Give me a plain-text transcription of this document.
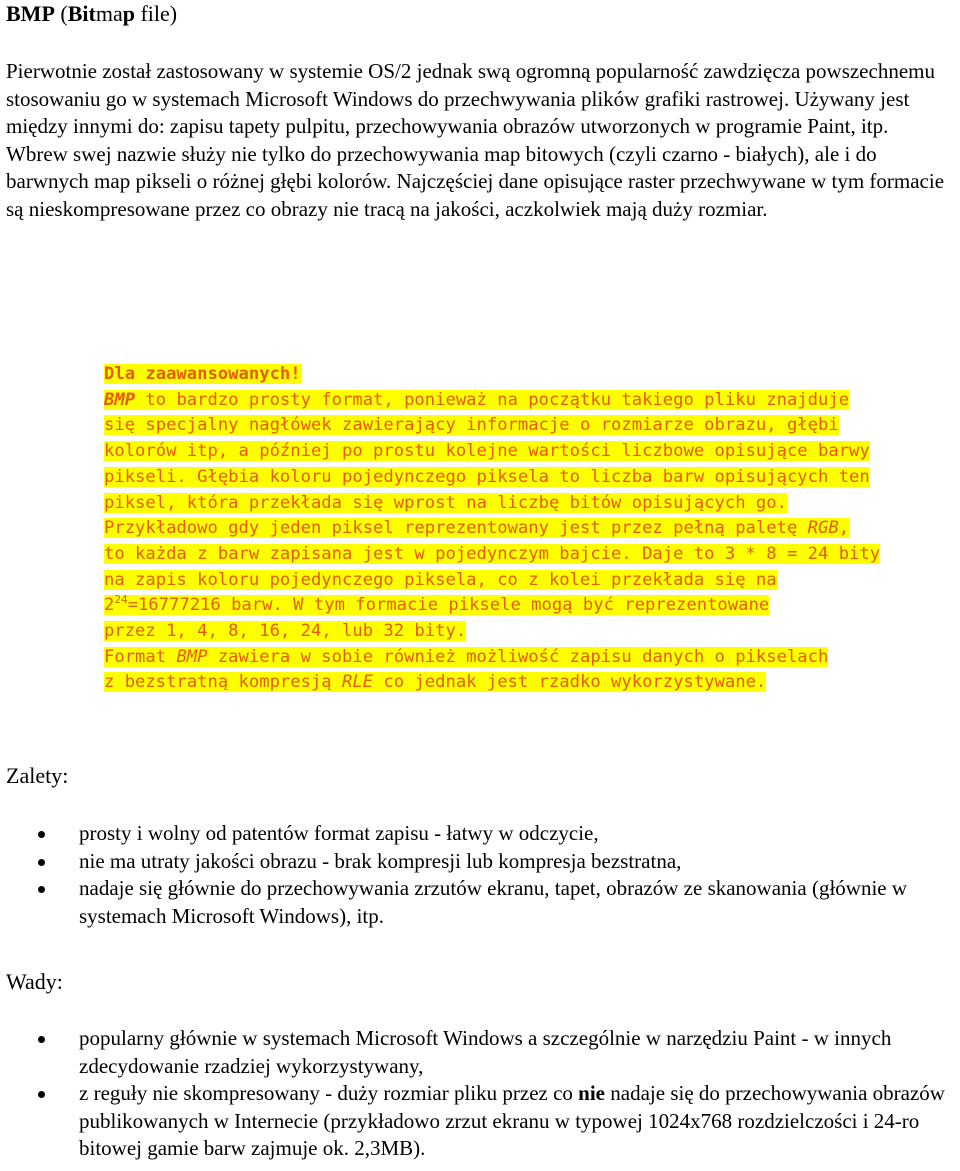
BMP (Bitmap file)

Pierwotnie został zastosowany w systemie OS/2 jednak swą ogromną popularność zawdzięcza powszechnemu stosowaniu go w systemach Microsoft Windows do przechwywania plików grafiki rastrowej. Używany jest między innymi do: zapisu tapety pulpitu, przechowywania obrazów utworzonych w programie Paint, itp. Wbrew swej nazwie służy nie tylko do przechowywania map bitowych (czyli czarno - białych), ale i do barwnych map pikseli o różnej głębi kolorów. Najczęściej dane opisujące raster przechwywane w tym formacie są nieskompresowane przez co obrazy nie tracą na jakości, aczkolwiek mają duży rozmiar.

Dla zaawansowanych!
BMP to bardzo prosty format, ponieważ na początku takiego pliku znajduje
się specjalny nagłówek zawierający informacje o rozmiarze obrazu, głębi
kolorów itp, a później po prostu kolejne wartości liczbowe opisujące barwy
pikseli. Głębia koloru pojedynczego piksela to liczba barw opisujących ten
piksel, która przekłada się wprost na liczbę bitów opisujących go.
Przykładowo gdy jeden piksel reprezentowany jest przez pełną paletę RGB,
to każda z barw zapisana jest w pojedynczym bajcie. Daje to 3 * 8 = 24 bity
na zapis koloru pojedynczego piksela, co z kolei przekłada się na
$2^{24}=16777216$ barw. W tym formacie piksele mogą być reprezentowane
przez 1, 4, 8, 16, 24, lub 32 bity.
Format BMP zawiera w sobie również możliwość zapisu danych o pikselach
z bezstratną kompresją RLE co jednak jest rzadko wykorzystywane.
Zalety:
prosty i wolny od patentów format zapisu - łatwy w odczycie,
nie ma utraty jakości obrazu - brak kompresji lub kompresja bezstratna,
nadaje się głównie do przechowywania zrzutów ekranu, tapet, obrazów ze skanowania (głównie w systemach Microsoft Windows), itp.
Wady:
popularny głównie w systemach Microsoft Windows a szczególnie w narzędziu Paint - w innych zdecydowanie rzadziej wykorzystywany,
z reguły nie skompresowany - duży rozmiar pliku przez co nie nadaje się do przechowywania obrazów publikowanych w Internecie (przykładowo zrzut ekranu w typowej 1024x768 rozdzielczości i 24-ro bitowej gamie barw zajmuje ok. 2,3MB).
